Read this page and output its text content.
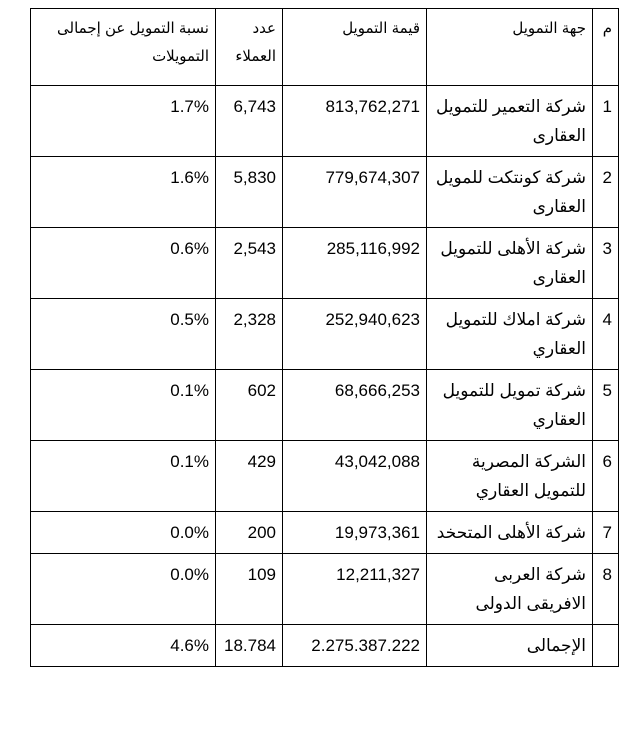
م	جهة التمويل	قيمة التمويل	عدد العملاء	نسبة التمويل عن إجمالى التمويلات
1	شركة التعمير للتمويل العقارى	813,762,271	6,743	1.7%
2	شركة كونتكت للمويل العقارى	779,674,307	5,830	1.6%
3	شركة الأهلى للتمويل العقارى	285,116,992	2,543	0.6%
4	شركة املاك للتمويل العقاري	252,940,623	2,328	0.5%
5	شركة تمويل للتمويل العقاري	68,666,253	602	0.1%
6	الشركة المصرية للتمويل العقاري	43,042,088	429	0.1%
7	شركة الأهلى المتحخد	19,973,361	200	0.0%
8	شركة العربى الافريقى الدولى	12,211,327	109	0.0%
	الإجمالى	2.275.387.222	18.784	4.6%
